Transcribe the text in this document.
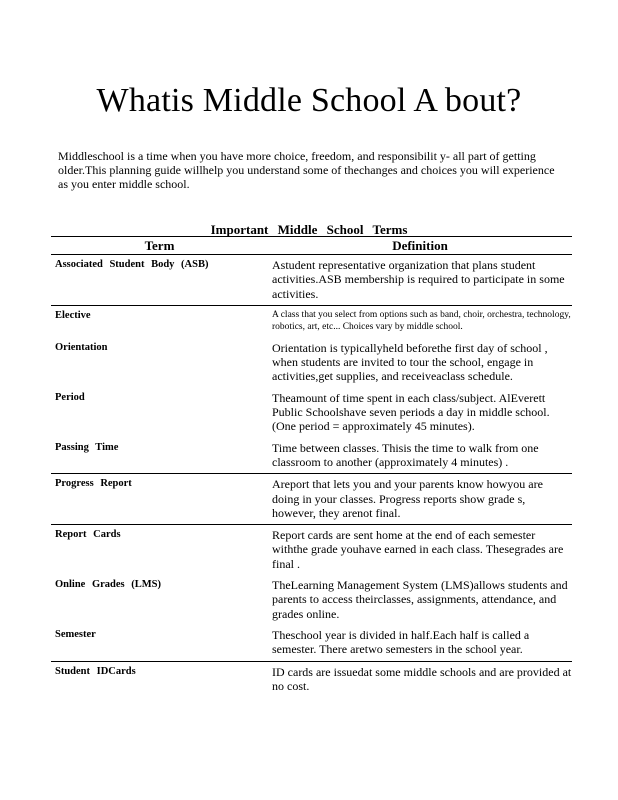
Whatis Middle School A bout?

Middleschool is a time when you have more choice, freedom, and responsibilit y- all part of getting older.This planning guide willhelp you understand some of thechanges and choices you will experience as you enter middle school.

Important Middle School Terms
Term	Definition
Associated Student Body (ASB)	Astudent representative organization that plans student activities.ASB membership is required to participate in some activities.
Elective	A class that you select from options such as band, choir, orchestra, technology, robotics, art, etc... Choices vary by middle school.
Orientation	Orientation is typicallyheld beforethe first day of school , when students are invited to tour the school, engage in activities,get supplies, and receiveaclass schedule.
Period	Theamount of time spent in each class/subject. AlEverett Public Schoolshave seven periods a day in middle school. (One period = approximately 45 minutes).
Passing Time	Time between classes. Thisis the time to walk from one classroom to another (approximately 4 minutes) .
Progress Report	Areport that lets you and your parents know howyou are doing in your classes. Progress reports show grade s, however, they arenot final.
Report Cards	Report cards are sent home at the end of each semester withthe grade youhave earned in each class. Thesegrades are final .
Online Grades (LMS)	TheLearning Management System (LMS)allows students and parents to access theirclasses, assignments, attendance, and grades online.
Semester	Theschool year is divided in half.Each half is called a semester. There aretwo semesters in the school year.
Student IDCards	ID cards are issuedat some middle schools and are provided at no cost.
